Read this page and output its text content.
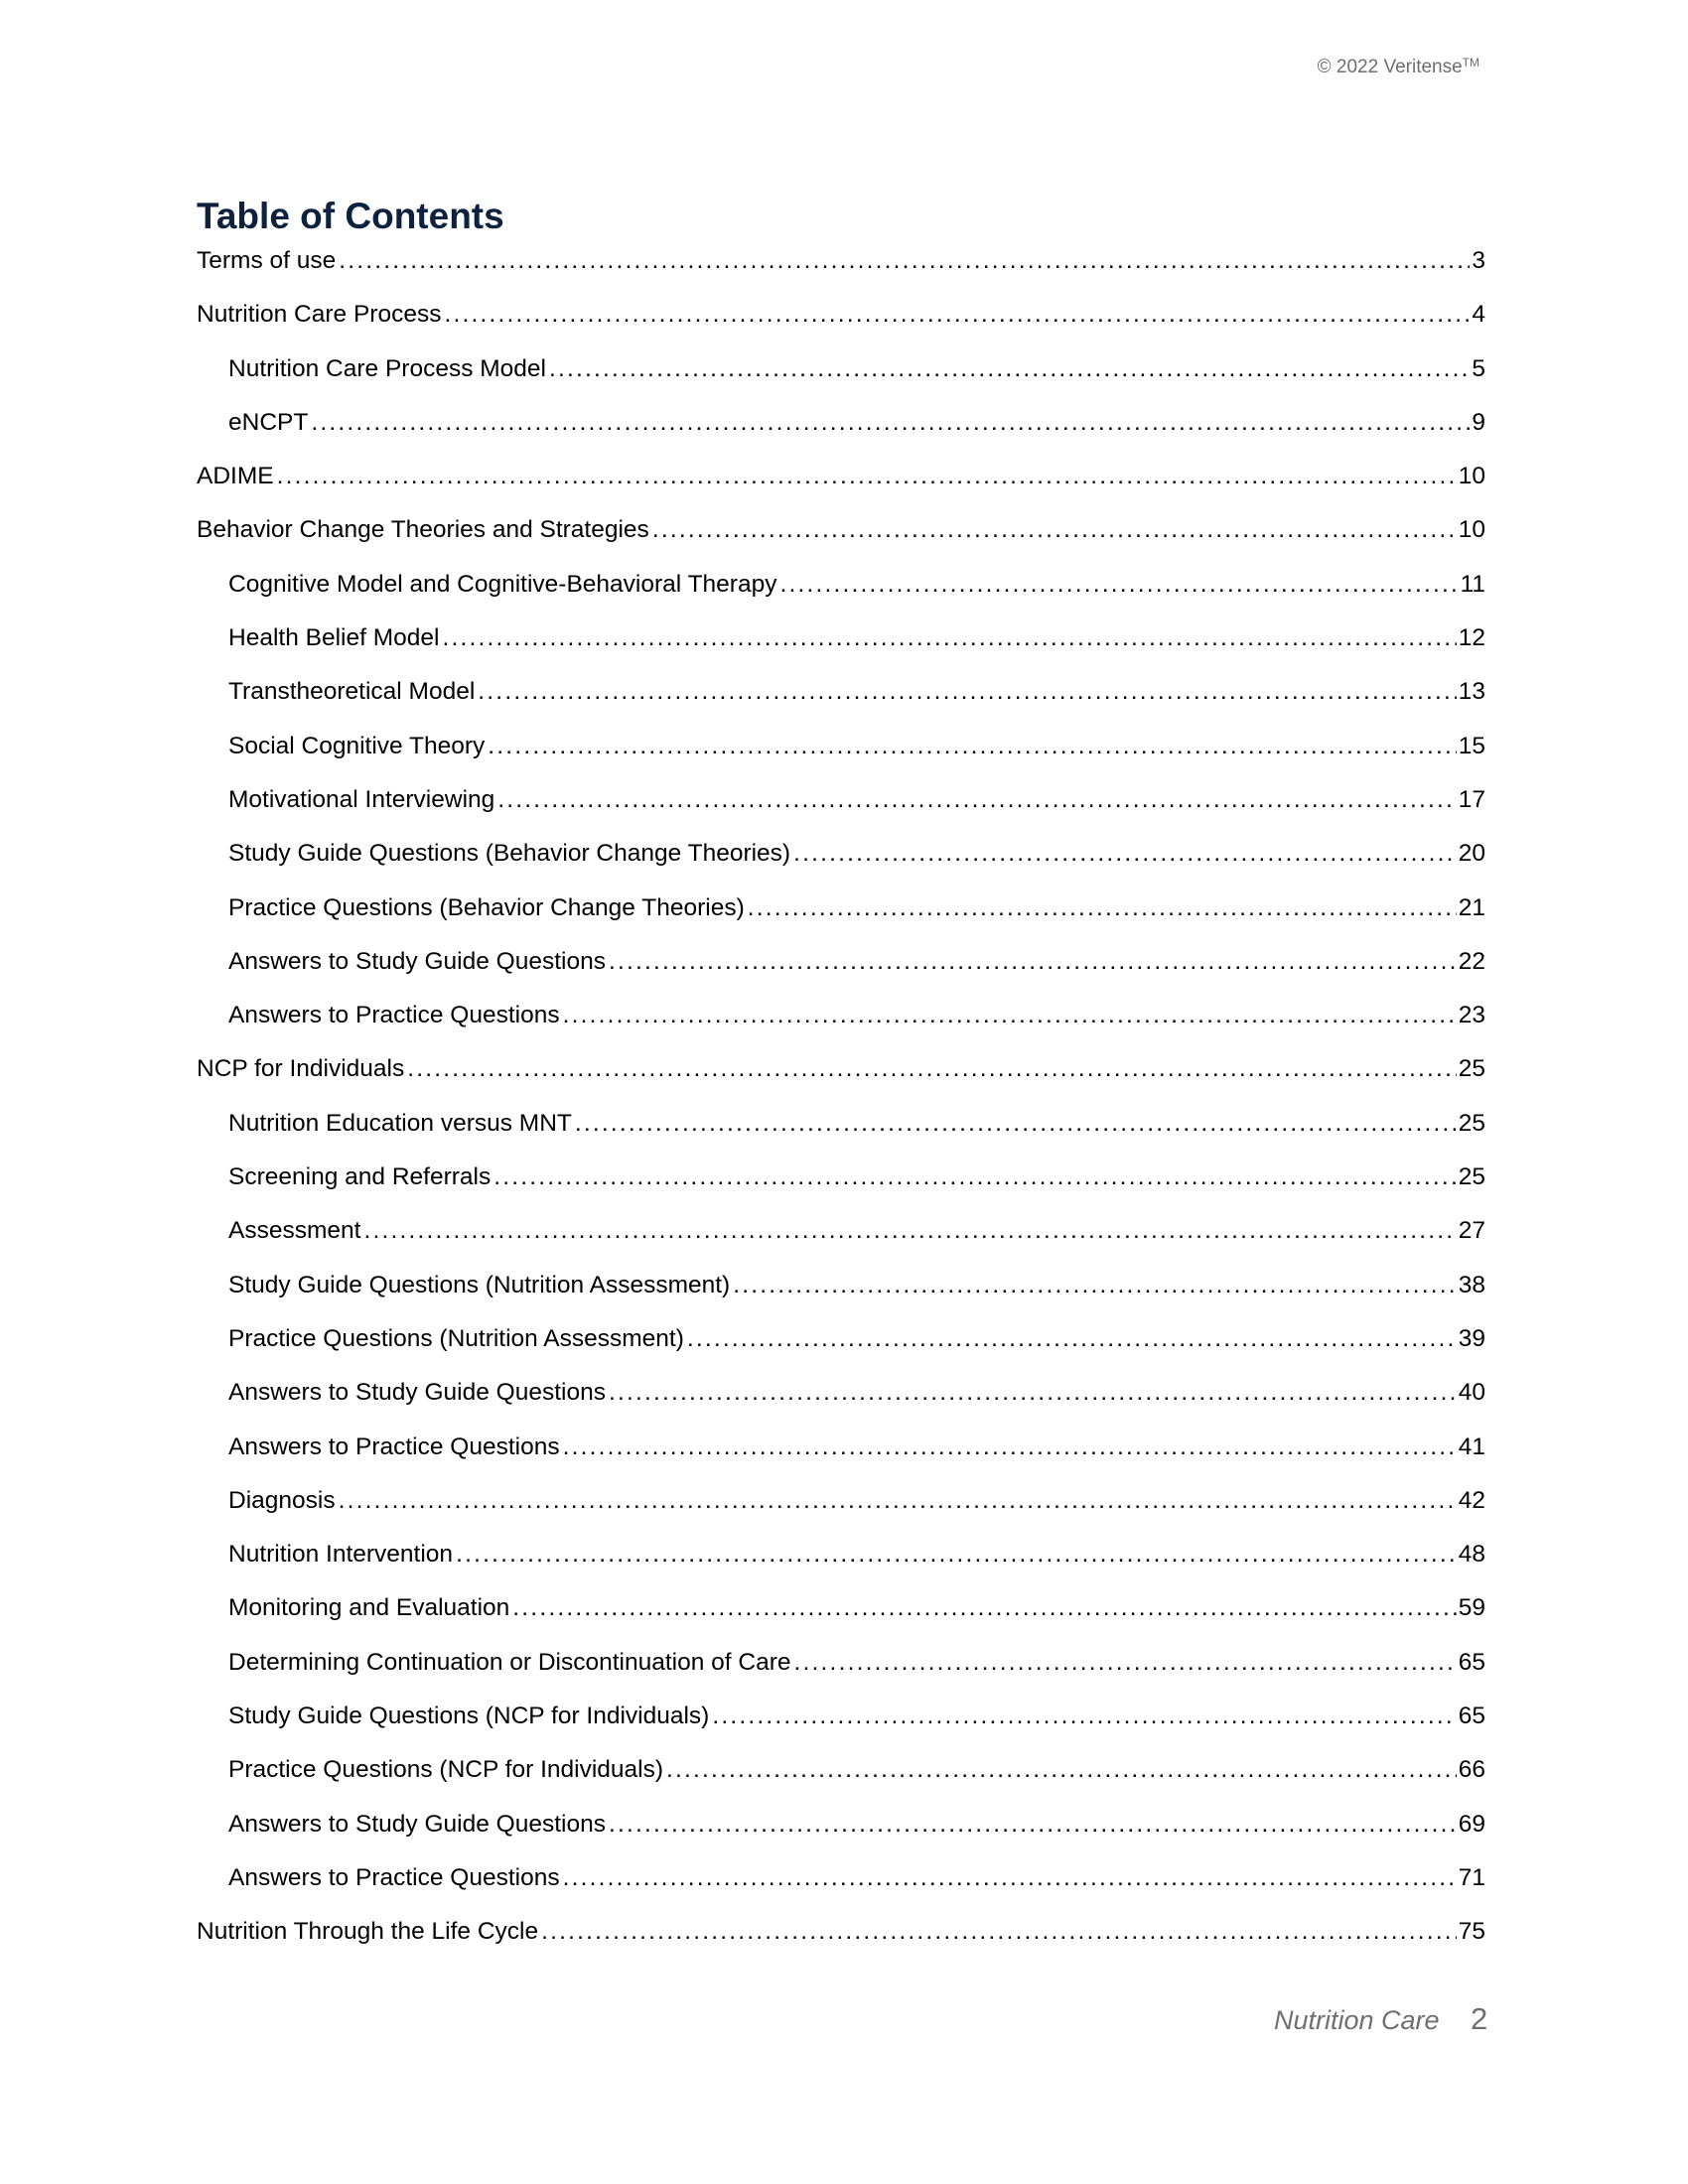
© 2022 Veritense™
Table of Contents
Terms of use .....	3
Nutrition Care Process .....	4
Nutrition Care Process Model .....	5
eNCPT .....	9
ADIME .....	10
Behavior Change Theories and Strategies .....	10
Cognitive Model and Cognitive-Behavioral Therapy .....	11
Health Belief Model .....	12
Transtheoretical Model .....	13
Social Cognitive Theory .....	15
Motivational Interviewing .....	17
Study Guide Questions (Behavior Change Theories) .....	20
Practice Questions (Behavior Change Theories) .....	21
Answers to Study Guide Questions .....	22
Answers to Practice Questions .....	23
NCP for Individuals .....	25
Nutrition Education versus MNT .....	25
Screening and Referrals .....	25
Assessment .....	27
Study Guide Questions (Nutrition Assessment) .....	38
Practice Questions (Nutrition Assessment) .....	39
Answers to Study Guide Questions .....	40
Answers to Practice Questions .....	41
Diagnosis .....	42
Nutrition Intervention .....	48
Monitoring and Evaluation .....	59
Determining Continuation or Discontinuation of Care .....	65
Study Guide Questions (NCP for Individuals) .....	65
Practice Questions (NCP for Individuals) .....	66
Answers to Study Guide Questions .....	69
Answers to Practice Questions .....	71
Nutrition Through the Life Cycle .....	75
Nutrition Care 2
